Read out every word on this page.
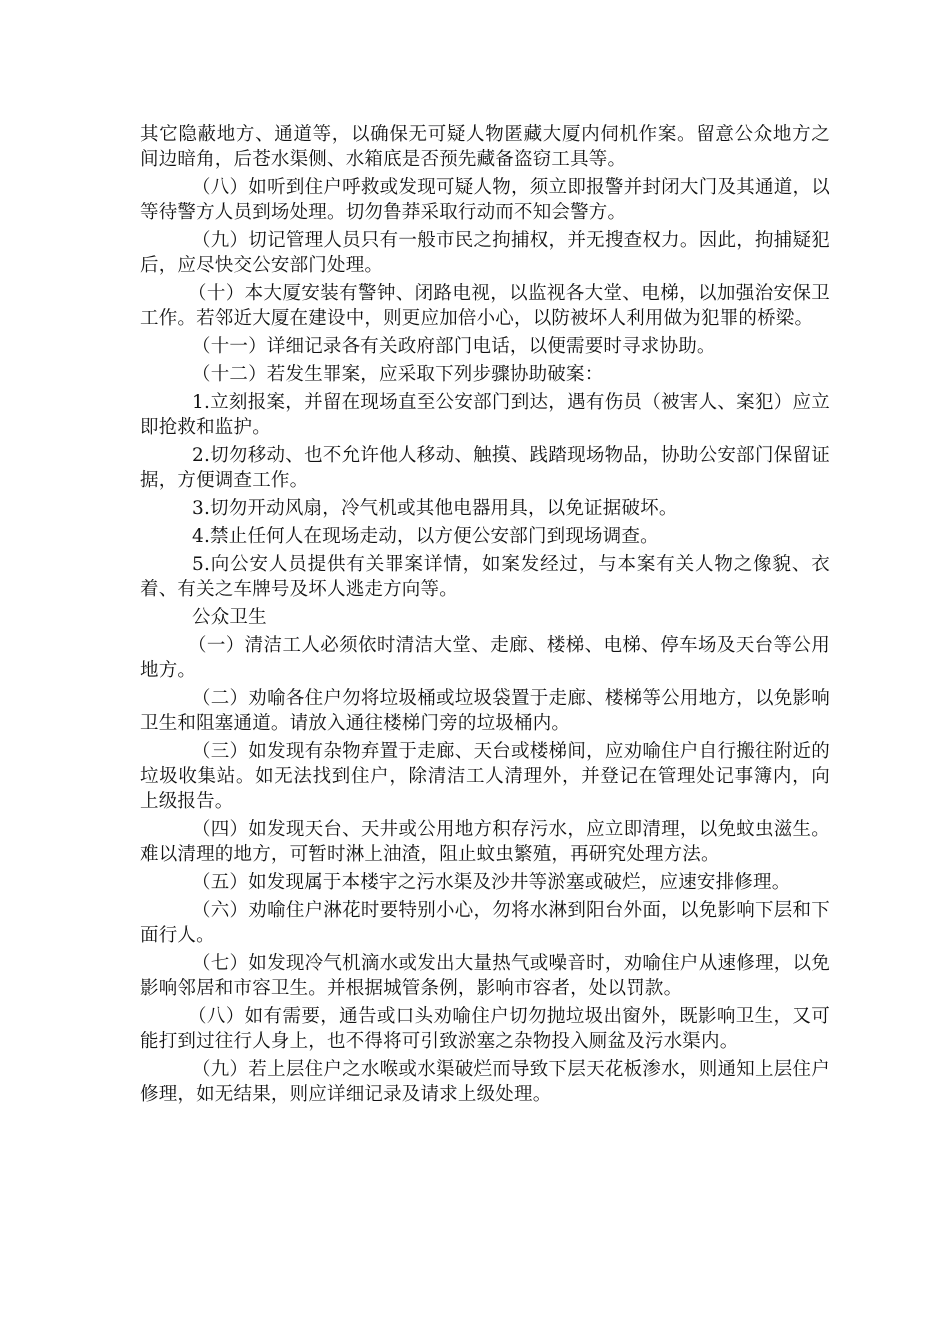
其它隐蔽地方、通道等，以确保无可疑人物匿藏大厦内伺机作案。留意公众地方之间边暗角，后苍水渠侧、水箱底是否预先藏备盗窃工具等。

（八）如听到住户呼救或发现可疑人物，须立即报警并封闭大门及其通道，以等待警方人员到场处理。切勿鲁莽采取行动而不知会警方。

（九）切记管理人员只有一般市民之拘捕权，并无搜查权力。因此，拘捕疑犯后，应尽快交公安部门处理。

（十）本大厦安装有警钟、闭路电视，以监视各大堂、电梯，以加强治安保卫工作。若邻近大厦在建设中，则更应加倍小心，以防被坏人利用做为犯罪的桥梁。

（十一）详细记录各有关政府部门电话，以便需要时寻求协助。

（十二）若发生罪案，应采取下列步骤协助破案：

1.立刻报案，并留在现场直至公安部门到达，遇有伤员（被害人、案犯）应立即抢救和监护。

2.切勿移动、也不允许他人移动、触摸、践踏现场物品，协助公安部门保留证据，方便调查工作。

3.切勿开动风扇，冷气机或其他电器用具，以免证据破坏。

4.禁止任何人在现场走动，以方便公安部门到现场调查。

5.向公安人员提供有关罪案详情，如案发经过，与本案有关人物之像貌、衣着、有关之车牌号及坏人逃走方向等。

公众卫生

（一）清洁工人必须依时清洁大堂、走廊、楼梯、电梯、停车场及天台等公用地方。

（二）劝喻各住户勿将垃圾桶或垃圾袋置于走廊、楼梯等公用地方，以免影响卫生和阻塞通道。请放入通往楼梯门旁的垃圾桶内。

（三）如发现有杂物弃置于走廊、天台或楼梯间，应劝喻住户自行搬往附近的垃圾收集站。如无法找到住户，除清洁工人清理外，并登记在管理处记事簿内，向上级报告。

（四）如发现天台、天井或公用地方积存污水，应立即清理，以免蚊虫滋生。难以清理的地方，可暂时淋上油渣，阻止蚊虫繁殖，再研究处理方法。

（五）如发现属于本楼宇之污水渠及沙井等淤塞或破烂，应速安排修理。

（六）劝喻住户淋花时要特别小心，勿将水淋到阳台外面，以免影响下层和下面行人。

（七）如发现冷气机滴水或发出大量热气或噪音时，劝喻住户从速修理，以免影响邻居和市容卫生。并根据城管条例，影响市容者，处以罚款。

（八）如有需要，通告或口头劝喻住户切勿抛垃圾出窗外，既影响卫生，又可能打到过往行人身上，也不得将可引致淤塞之杂物投入厕盆及污水渠内。

（九）若上层住户之水喉或水渠破烂而导致下层天花板渗水，则通知上层住户修理，如无结果，则应详细记录及请求上级处理。
